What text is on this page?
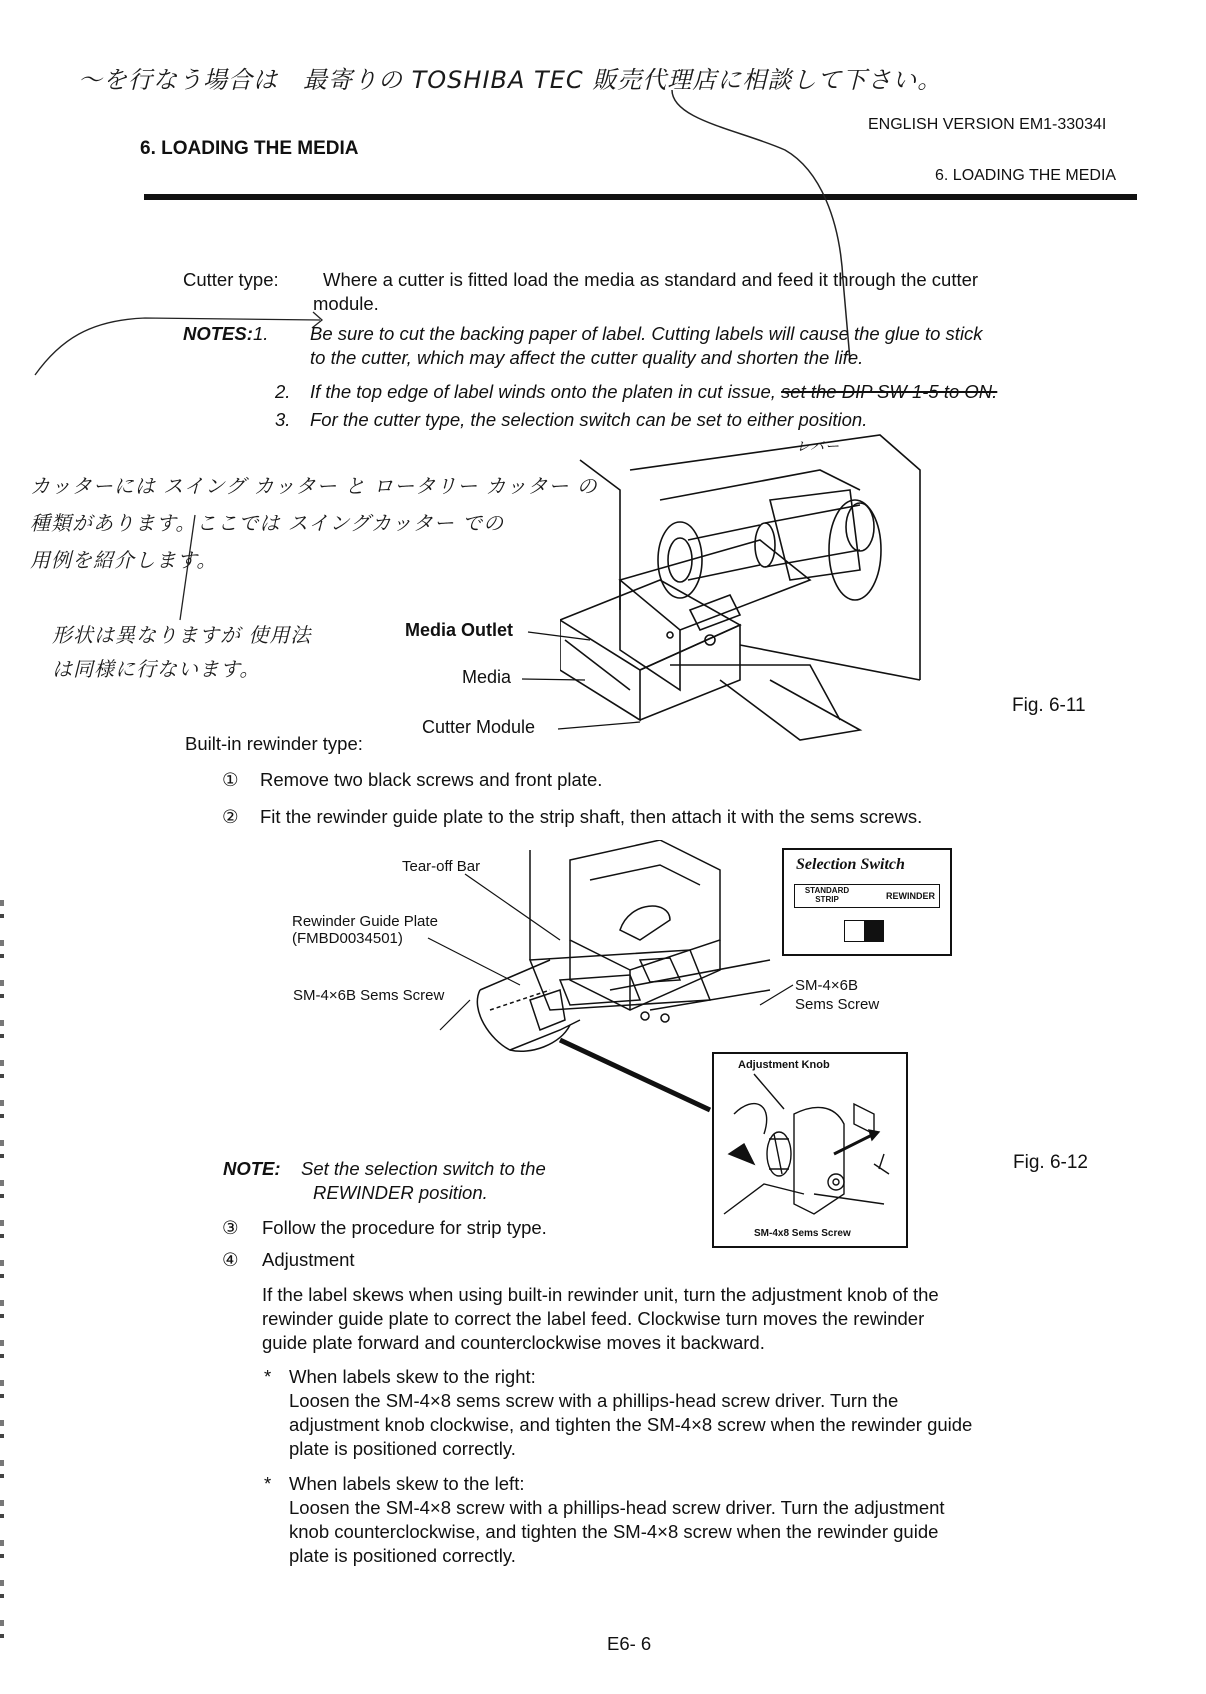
～を行なう場合は　最寄りの TOSHIBA TEC 販売代理店に相談して下さい。
ENGLISH VERSION EM1-33034I
6. LOADING THE MEDIA
6. LOADING THE MEDIA
Cutter type: Where a cutter is fitted load the media as standard and feed it through the cutter
module.
NOTES: 1. Be sure to cut the backing paper of label. Cutting labels will cause the glue to stick
to the cutter, which may affect the cutter quality and shorten the life.
2. If the top edge of label winds onto the platen in cut issue, set the DIP SW 1-5 to ON.
3. For the cutter type, the selection switch can be set to either position.
カッターには スイング カッター と ロータリー カッター の
種類があります。ここでは スイングカッター での
用例を紹介します。
形状は異なりますが 使用法
は同様に行ないます。
レバー
Media Outlet
Media
Cutter Module
Fig. 6-11
Built-in rewinder type:
① Remove two black screws and front plate.
② Fit the rewinder guide plate to the strip shaft, then attach it with the sems screws.
Tear-off Bar
Rewinder Guide Plate
(FMBD0034501)
SM-4×6B Sems Screw
SM-4×6B
Sems Screw
Selection Switch
STANDARD STRIP	REWINDER
Adjustment Knob
SM-4x8 Sems Screw
Fig. 6-12
NOTE: Set the selection switch to the
REWINDER position.
③ Follow the procedure for strip type.
④ Adjustment
If the label skews when using built-in rewinder unit, turn the adjustment knob of the
rewinder guide plate to correct the label feed. Clockwise turn moves the rewinder
guide plate forward and counterclockwise moves it backward.
* When labels skew to the right:
Loosen the SM-4×8 sems screw with a phillips-head screw driver. Turn the
adjustment knob clockwise, and tighten the SM-4×8 screw when the rewinder guide
plate is positioned correctly.
* When labels skew to the left:
Loosen the SM-4×8 screw with a phillips-head screw driver. Turn the adjustment
knob counterclockwise, and tighten the SM-4×8 screw when the rewinder guide
plate is positioned correctly.
E6- 6
